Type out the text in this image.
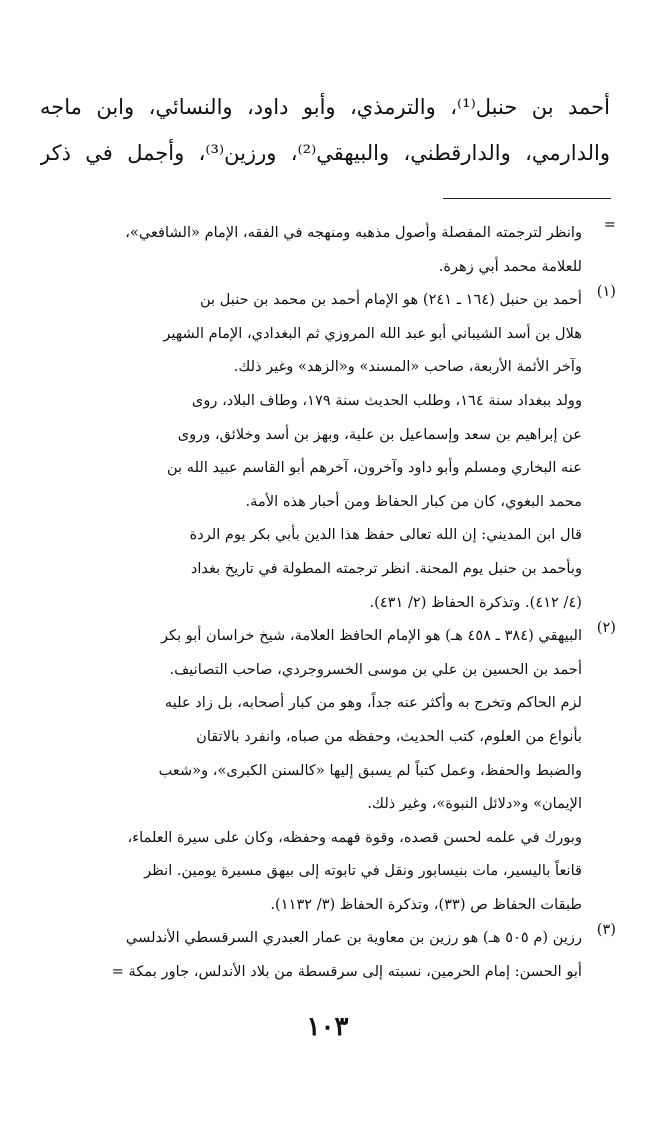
أحمد بن حنبل⁽¹⁾، والترمذي، وأبو داود، والنسائي، وابن ماجه
والدارمي، والدارقطني، والبيهقي⁽²⁾، ورزين⁽³⁾، وأجمل في ذكر
=
وانظر لترجمته المفصلة وأصول مذهبه ومنهجه في الفقه، الإمام «الشافعي»،
للعلامة محمد أبي زهرة.
(١)
أحمد بن حنبل (١٦٤ ـ ٢٤١) هو الإمام أحمد بن محمد بن حنبل بن
هلال بن أسد الشيباني أبو عبد الله المروزي ثم البغدادي، الإمام الشهير
وآخر الأئمة الأربعة، صاحب «المسند» و«الزهد» وغير ذلك.
وولد ببغداد سنة ١٦٤، وطلب الحديث سنة ١٧٩، وطاف البلاد، روى
عن إبراهيم بن سعد وإسماعيل بن علية، وبهز بن أسد وخلائق، وروى
عنه البخاري ومسلم وأبو داود وآخرون، آخرهم أبو القاسم عبيد الله بن
محمد البغوي، كان من كبار الحفاظ ومن أحبار هذه الأمة.
قال ابن المديني: إن الله تعالى حفظ هذا الدين بأبي بكر يوم الردة
وبأحمد بن حنبل يوم المحنة. انظر ترجمته المطولة في تاريخ بغداد
(٤/ ٤١٢). وتذكرة الحفاظ (٢/ ٤٣١).
(٢)
البيهقي (٣٨٤ ـ ٤٥٨ هـ) هو الإمام الحافظ العلامة، شيخ خراسان أبو بكر
أحمد بن الحسين بن علي بن موسى الخسروجردي، صاحب التصانيف.
لزم الحاكم وتخرج به وأكثر عنه جداً، وهو من كبار أصحابه، بل زاد عليه
بأنواع من العلوم، كتب الحديث، وحفظه من صباه، وانفرد بالاتقان
والضبط والحفظ، وعمل كتباً لم يسبق إليها «كالسنن الكبرى»، و«شعب
الإيمان» و«دلائل النبوة»، وغير ذلك.
وبورك في علمه لحسن قصده، وقوة فهمه وحفظه، وكان على سيرة العلماء،
قانعاً باليسير، مات بنيسابور ونقل في تابوته إلى بيهق مسيرة يومين. انظر
طبقات الحفاظ ص (٣٣)، وتذكرة الحفاظ (٣/ ١١٣٢).
(٣)
رزين (م ٥٠٥ هـ) هو رزين بن معاوية بن عمار العبدري السرقسطي الأندلسي
أبو الحسن: إمام الحرمين، نسبته إلى سرقسطة من بلاد الأندلس، جاور بمكة =
١٠٣
